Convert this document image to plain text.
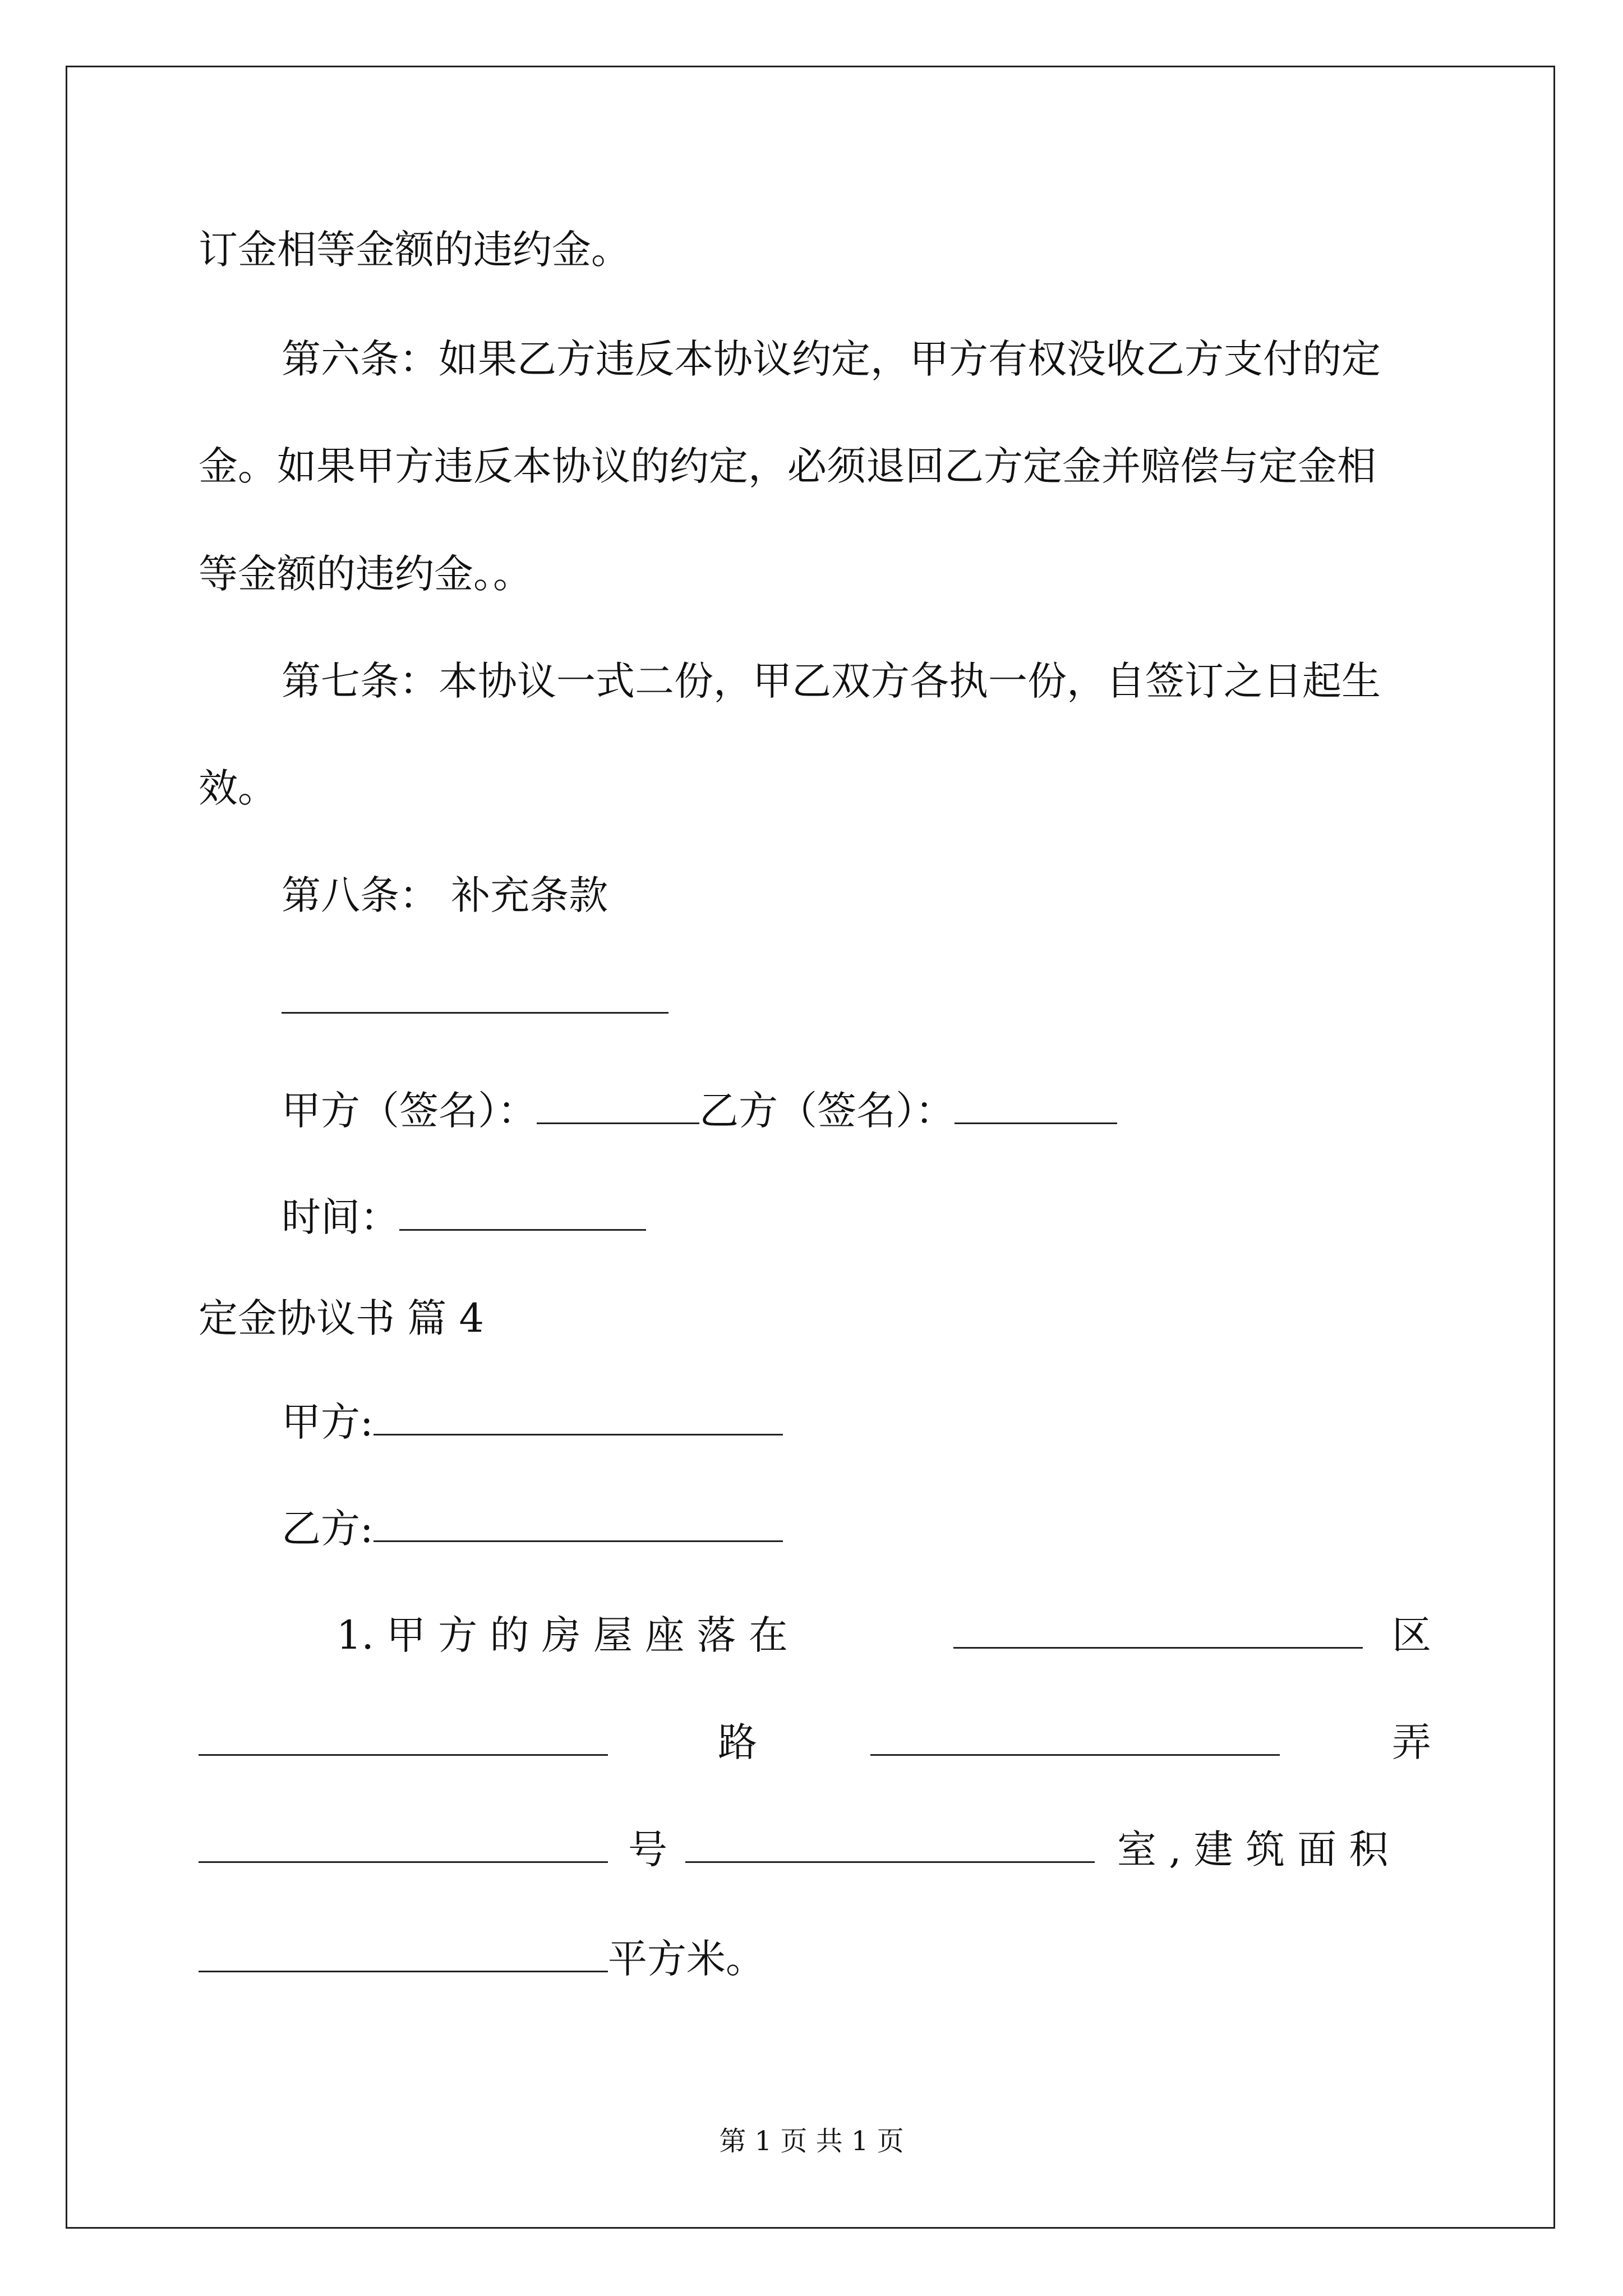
订金相等金额的违约金。

第六条：如果乙方违反本协议约定，甲方有权没收乙方支付的定

金。如果甲方违反本协议的约定，必须退回乙方定金并赔偿与定金相

等金额的违约金。。

第七条：本协议一式二份，甲乙双方各执一份，自签订之日起生

效。

第八条： 补充条款

甲方（签名）：	乙方（签名）：
时间：

定金协议书 篇 4

甲方:
乙方:
1. 甲 方 的 房 屋 座 落 在	区
路	弄
号	室 , 建 筑 面 积
平方米。
第 1 页 共 1 页
